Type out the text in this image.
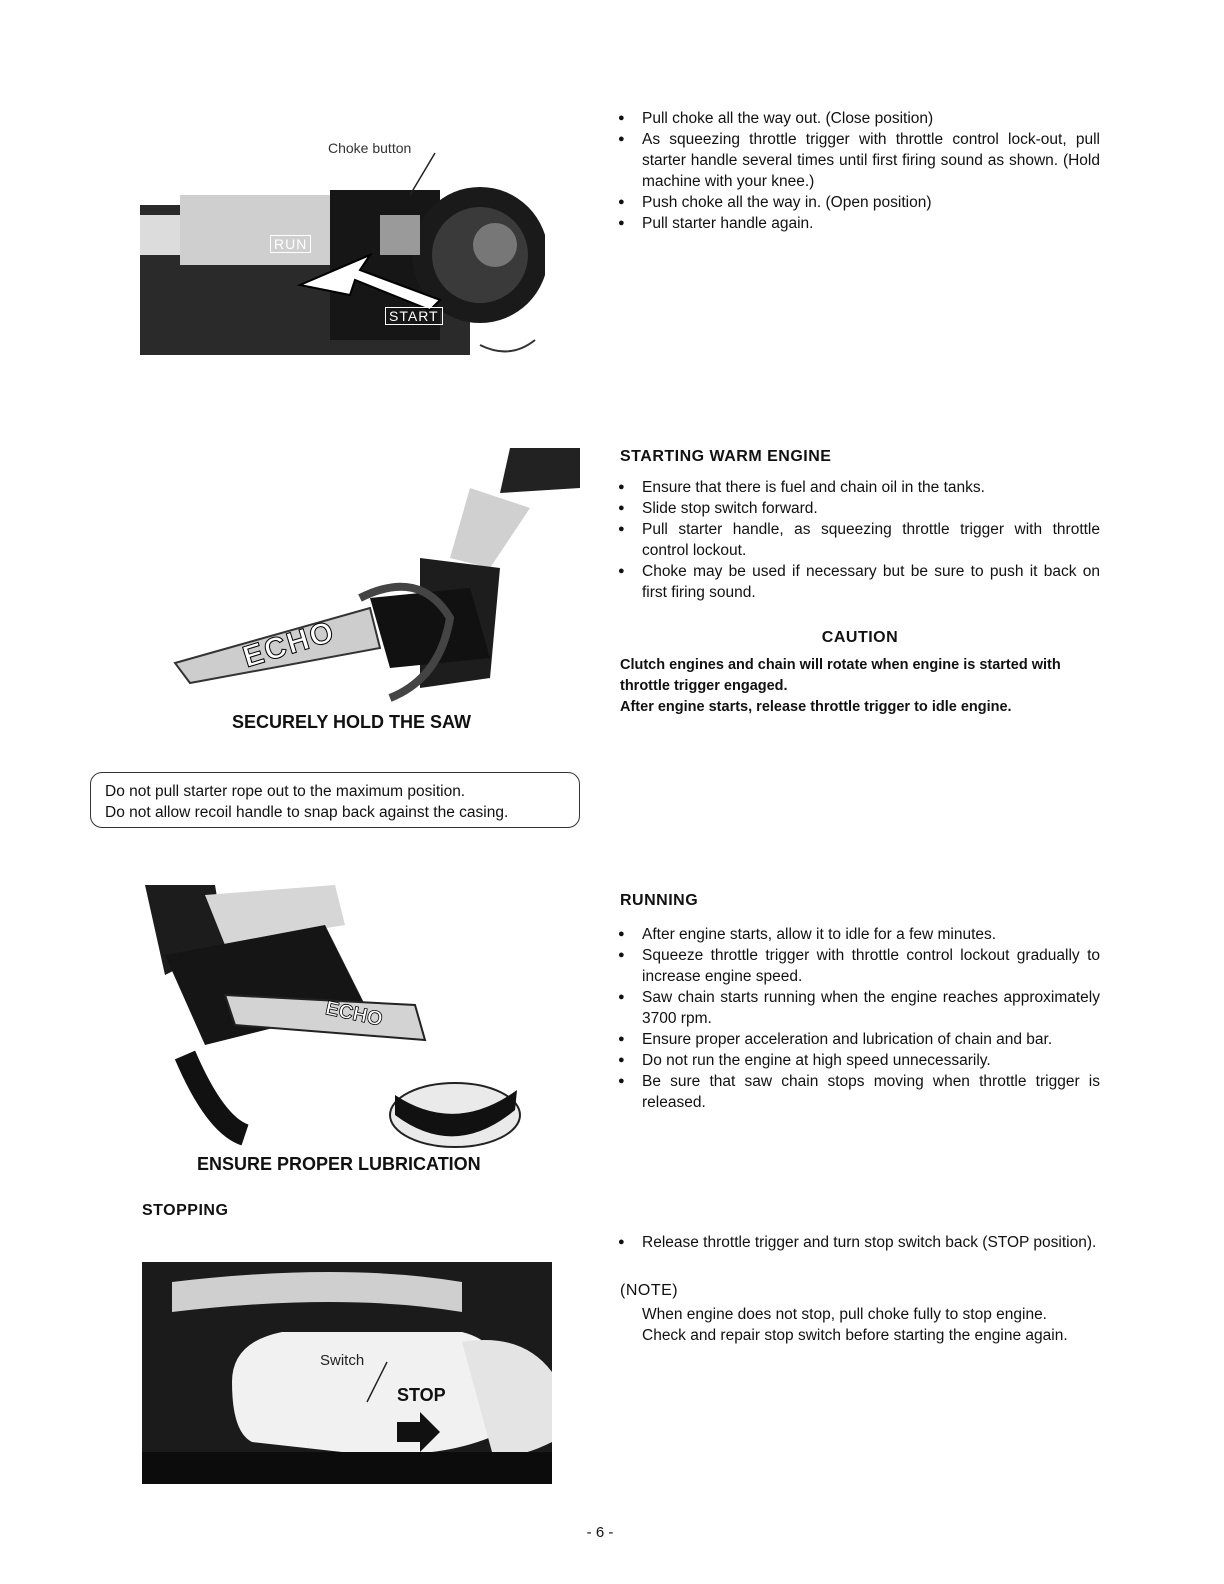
Choke button
RUN
START
● Pull choke all the way out. (Close position)
● As squeezing throttle trigger with throttle control lock-out, pull starter handle several times until first firing sound as shown. (Hold machine with your knee.)
● Push choke all the way in. (Open position)
● Pull starter handle again.
ECHO
SECURELY HOLD THE SAW
STARTING WARM ENGINE
● Ensure that there is fuel and chain oil in the tanks.
● Slide stop switch forward.
● Pull starter handle, as squeezing throttle trigger with throttle control lockout.
● Choke may be used if necessary but be sure to push it back on first firing sound.
CAUTION
Clutch engines and chain will rotate when engine is started with throttle trigger engaged.
After engine starts, release throttle trigger to idle engine.
Do not pull starter rope out to the maximum position.
Do not allow recoil handle to snap back against the casing.
ECHO
ENSURE PROPER LUBRICATION
RUNNING
● After engine starts, allow it to idle for a few minutes.
● Squeeze throttle trigger with throttle control lockout gradually to increase engine speed.
● Saw chain starts running when the engine reaches approximately 3700 rpm.
● Ensure proper acceleration and lubrication of chain and bar.
● Do not run the engine at high speed unnecessarily.
● Be sure that saw chain stops moving when throttle trigger is released.
STOPPING
Switch
STOP
● Release throttle trigger and turn stop switch back (STOP position).
(NOTE)
When engine does not stop, pull choke fully to stop engine.
Check and repair stop switch before starting the engine again.
- 6 -
